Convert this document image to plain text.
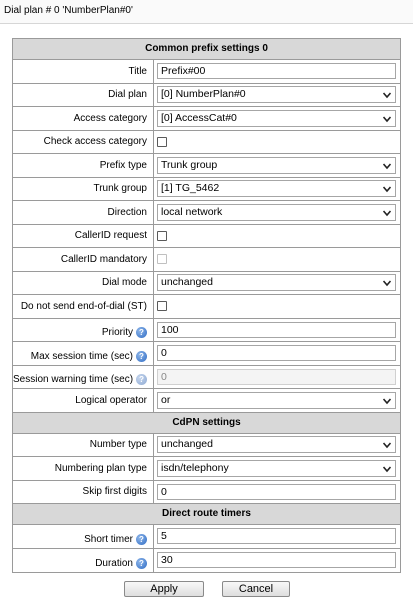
Dial plan # 0 'NumberPlan#0'
Common prefix settings 0
Title	Prefix#00
Dial plan	[0] NumberPlan#0
Access category	[0] AccessCat#0
Check access category
Prefix type	Trunk group
Trunk group	[1] TG_5462
Direction	local network
CallerID request
CallerID mandatory
Dial mode	unchanged
Do not send end-of-dial (ST)
Priority ?	100
Max session time (sec) ?	0
Session warning time (sec) ?	0
Logical operator	or
CdPN settings
Number type	unchanged
Numbering plan type	isdn/telephony
Skip first digits	0
Direct route timers
Short timer ?	5
Duration ?	30
Apply	Cancel
